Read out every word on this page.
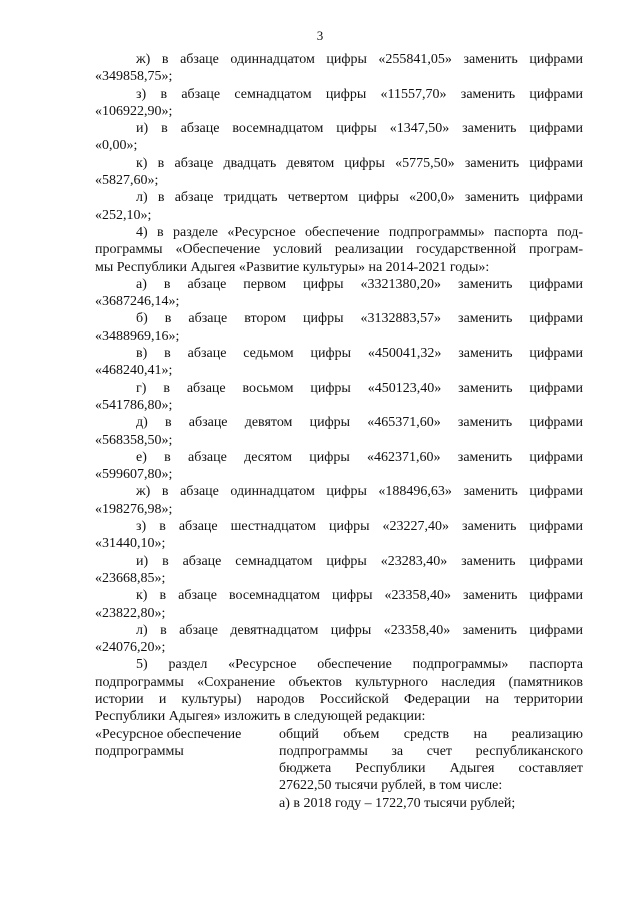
3
ж) в абзаце одиннадцатом цифры «255841,05» заменить цифрами
«349858,75»;
з) в абзаце семнадцатом цифры «11557,70» заменить цифрами
«106922,90»;
и) в абзаце восемнадцатом цифры «1347,50» заменить цифрами
«0,00»;
к) в абзаце двадцать девятом цифры «5775,50» заменить цифрами
«5827,60»;
л) в абзаце тридцать четвертом цифры «200,0» заменить цифрами
«252,10»;
4) в разделе «Ресурсное обеспечение подпрограммы» паспорта под-
программы «Обеспечение условий реализации государственной програм-
мы Республики Адыгея «Развитие культуры» на 2014-2021 годы»:
а) в абзаце первом цифры «3321380,20» заменить цифрами
«3687246,14»;
б) в абзаце втором цифры «3132883,57» заменить цифрами
«3488969,16»;
в) в абзаце седьмом цифры «450041,32» заменить цифрами
«468240,41»;
г) в абзаце восьмом цифры «450123,40» заменить цифрами
«541786,80»;
д) в абзаце девятом цифры «465371,60» заменить цифрами
«568358,50»;
е) в абзаце десятом цифры «462371,60» заменить цифрами
«599607,80»;
ж) в абзаце одиннадцатом цифры «188496,63» заменить цифрами
«198276,98»;
з) в абзаце шестнадцатом цифры «23227,40» заменить цифрами
«31440,10»;
и) в абзаце семнадцатом цифры «23283,40» заменить цифрами
«23668,85»;
к) в абзаце восемнадцатом цифры «23358,40» заменить цифрами
«23822,80»;
л) в абзаце девятнадцатом цифры «23358,40» заменить цифрами
«24076,20»;
5) раздел «Ресурсное обеспечение подпрограммы» паспорта
подпрограммы «Сохранение объектов культурного наследия (памятников
истории и культуры) народов Российской Федерации на территории
Республики Адыгея» изложить в следующей редакции:
«Ресурсное обеспечение
подпрограммы
общий объем средств на реализацию
подпрограммы за счет республиканского
бюджета Республики Адыгея составляет
27622,50 тысячи рублей, в том числе:
а) в 2018 году – 1722,70 тысячи рублей;
